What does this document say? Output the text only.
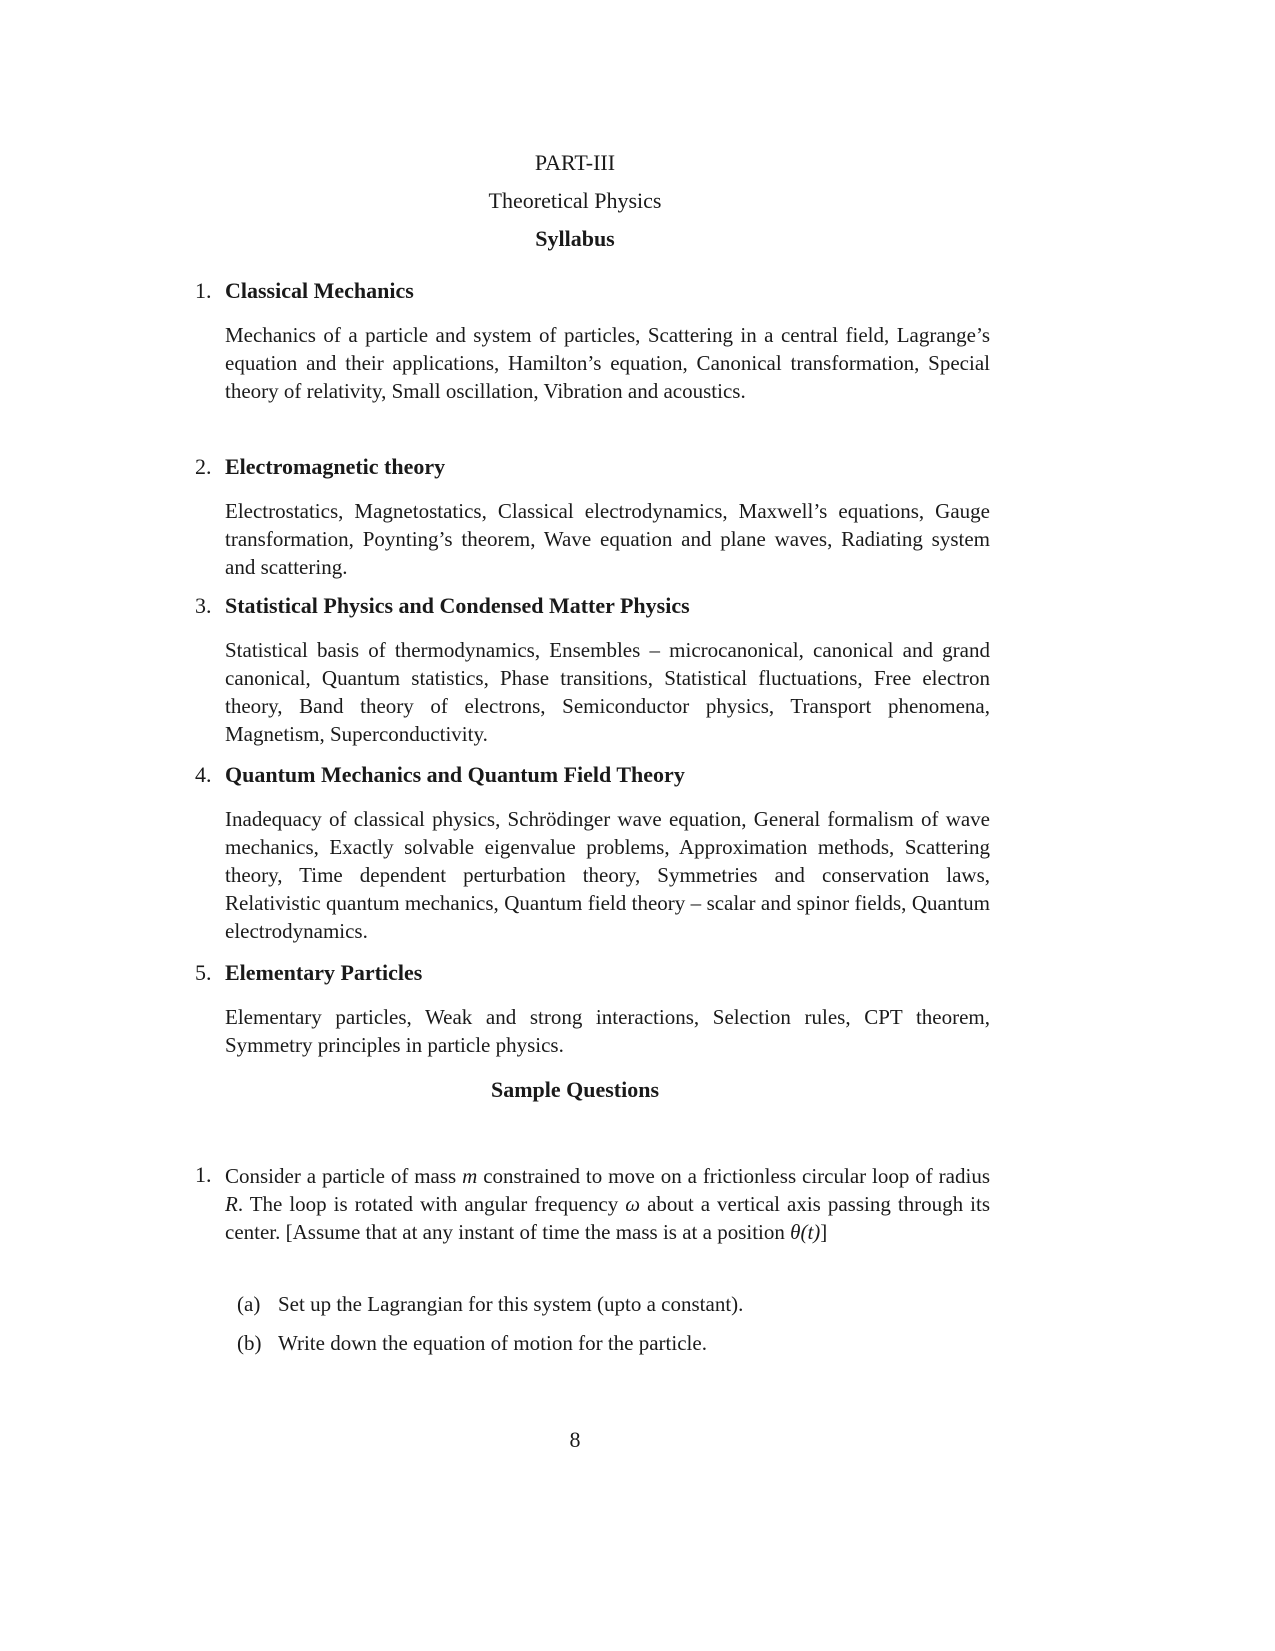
PART-III
Theoretical Physics
Syllabus
1. Classical Mechanics
Mechanics of a particle and system of particles, Scattering in a central field, Lagrange’s equation and their applications, Hamilton’s equation, Canonical transformation, Special theory of relativity, Small oscillation, Vibration and acoustics.
2. Electromagnetic theory
Electrostatics, Magnetostatics, Classical electrodynamics, Maxwell’s equations, Gauge transformation, Poynting’s theorem, Wave equation and plane waves, Radiating system and scattering.
3. Statistical Physics and Condensed Matter Physics
Statistical basis of thermodynamics, Ensembles – microcanonical, canonical and grand canonical, Quantum statistics, Phase transitions, Statistical fluctuations, Free electron theory, Band theory of electrons, Semiconductor physics, Transport phenomena, Magnetism, Superconductivity.
4. Quantum Mechanics and Quantum Field Theory
Inadequacy of classical physics, Schrödinger wave equation, General formalism of wave mechanics, Exactly solvable eigenvalue problems, Approximation methods, Scattering theory, Time dependent perturbation theory, Symmetries and conservation laws, Relativistic quantum mechanics, Quantum field theory – scalar and spinor fields, Quantum electrodynamics.
5. Elementary Particles
Elementary particles, Weak and strong interactions, Selection rules, CPT theorem, Symmetry principles in particle physics.
Sample Questions
1. Consider a particle of mass m constrained to move on a frictionless circular loop of radius R. The loop is rotated with angular frequency ω about a vertical axis passing through its center. [Assume that at any instant of time the mass is at a position θ(t)]
(a) Set up the Lagrangian for this system (upto a constant).
(b) Write down the equation of motion for the particle.
8
